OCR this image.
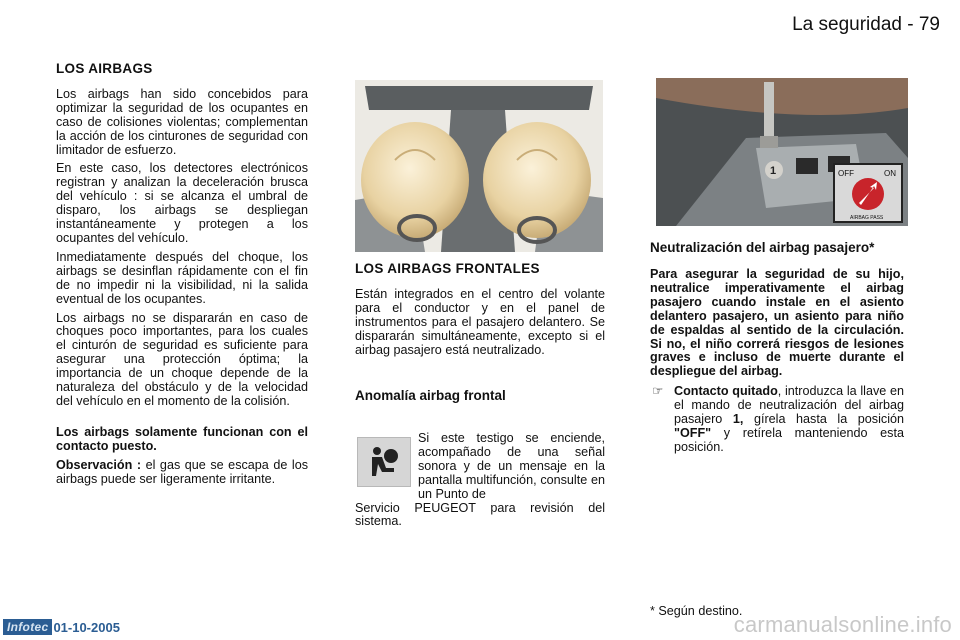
La seguridad - 79
LOS AIRBAGS

Los airbags han sido concebidos para optimizar la seguridad de los ocupantes en caso de colisiones violentas; complementan la acción de los cinturones de seguridad con limitador de esfuerzo.

En este caso, los detectores electrónicos registran y analizan la deceleración brusca del vehículo : si se alcanza el umbral de disparo, los airbags se despliegan instantáneamente y protegen a los ocupantes del vehículo.

Inmediatamente después del choque, los airbags se desinflan rápidamente con el fin de no impedir ni la visibilidad, ni la salida eventual de los ocupantes.

Los airbags no se dispararán en caso de choques poco importantes, para los cuales el cinturón de seguridad es suficiente para asegurar una protección óptima; la importancia de un choque depende de la naturaleza del obstáculo y de la velocidad del vehículo en el momento de la colisión.

Los airbags solamente funcionan con el contacto puesto.

Observación : el gas que se escapa de los airbags puede ser ligeramente irritante.

LOS AIRBAGS FRONTALES

Están integrados en el centro del volante para el conductor y en el panel de instrumentos para el pasajero delantero. Se dispararán simultáneamente, excepto si el airbag pasajero está neutralizado.

Anomalía airbag frontal

Si este testigo se enciende, acompañado de una señal sonora y de un mensaje en la pantalla multifunción, consulte en un Punto de

Servicio PEUGEOT para revisión del sistema.

1	OFF	ON
AIRBAG PASS
Neutralización del airbag pasajero*

Para asegurar la seguridad de su hijo, neutralice imperativamente el airbag pasajero cuando instale en el asiento delantero pasajero, un asiento para niño de espaldas al sentido de la circulación. Si no, el niño correrá riesgos de lesiones graves e incluso de muerte durante el despliegue del airbag.

☞ Contacto quitado, introduzca la llave en el mando de neutralización del airbag pasajero 1, gírela hasta la posición "OFF" y retírela manteniendo esta posición.
* Según destino.
Infotec 01-10-2005	carmanualsonline.info
